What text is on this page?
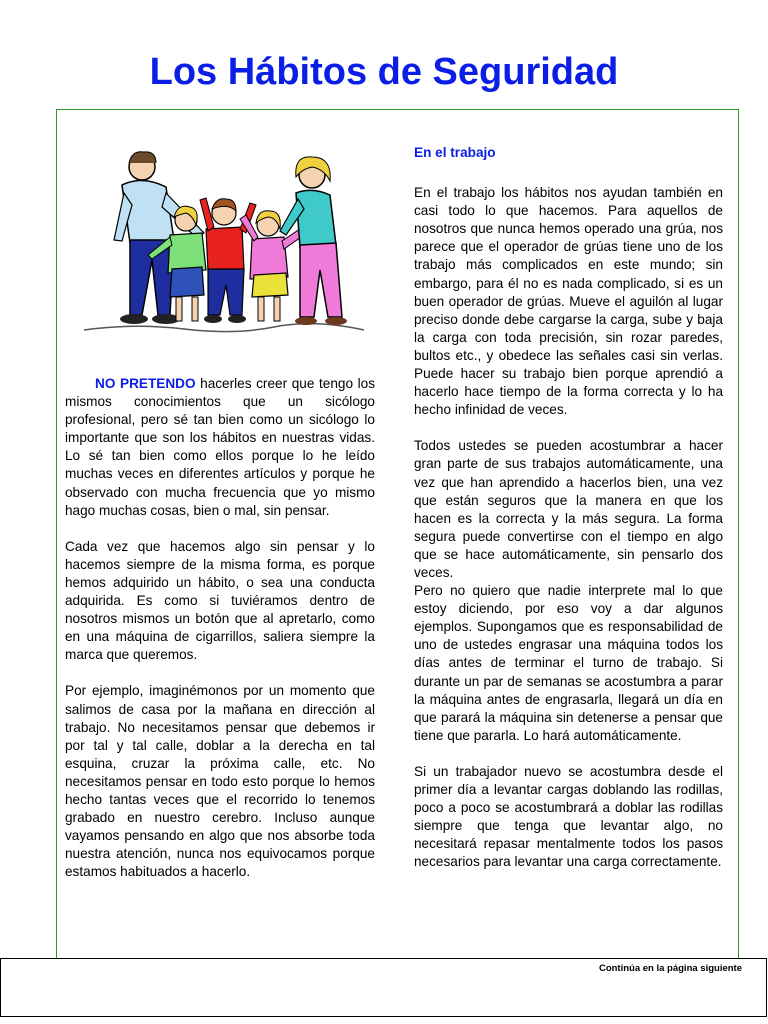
Los Hábitos de Seguridad

NO PRETENDO hacerles creer que tengo los mismos conocimientos que un sicólogo profesional, pero sé tan bien como un sicólogo lo importante que son los hábitos en nuestras vidas. Lo sé tan bien como ellos porque lo he leído muchas veces en diferentes artículos y porque he observado con mucha frecuencia que yo mismo hago muchas cosas, bien o mal, sin pensar.

Cada vez que hacemos algo sin pensar y lo hacemos siempre de la misma forma, es porque hemos adquirido un hábito, o sea una conducta adquirida. Es como si tuviéramos dentro de nosotros mismos un botón que al apretarlo, como en una máquina de cigarrillos, saliera siempre la marca que queremos.

Por ejemplo, imaginémonos por un momento que salimos de casa por la mañana en dirección al trabajo. No necesitamos pensar que debemos ir por tal y tal calle, doblar a la derecha en tal esquina, cruzar la próxima calle, etc. No necesitamos pensar en todo esto porque lo hemos hecho tantas veces que el recorrido lo tenemos grabado en nuestro cerebro. Incluso aunque vayamos pensando en algo que nos absorbe toda nuestra atención, nunca nos equivocamos porque estamos habituados a hacerlo.

En el trabajo

En el trabajo los hábitos nos ayudan también en casi todo lo que hacemos. Para aquellos de nosotros que nunca hemos operado una grúa, nos parece que el operador de grúas tiene uno de los trabajo más complicados en este mundo; sin embargo, para él no es nada complicado, si es un buen operador de grúas. Mueve el aguilón al lugar preciso donde debe cargarse la carga, sube y baja la carga con toda precisión, sin rozar paredes, bultos etc., y obedece las señales casi sin verlas. Puede hacer su trabajo bien porque aprendió a hacerlo hace tiempo de la forma correcta y lo ha hecho infinidad de veces.

Todos ustedes se pueden acostumbrar a hacer gran parte de sus trabajos automáticamente, una vez que han aprendido a hacerlos bien, una vez que están seguros que la manera en que los hacen es la correcta y la más segura. La forma segura puede convertirse con el tiempo en algo que se hace automáticamente, sin pensarlo dos veces.

Pero no quiero que nadie interprete mal lo que estoy diciendo, por eso voy a dar algunos ejemplos. Supongamos que es responsabilidad de uno de ustedes engrasar una máquina todos los días antes de terminar el turno de trabajo. Si durante un par de semanas se acostumbra a parar la máquina antes de engrasarla, llegará un día en que parará la máquina sin detenerse a pensar que tiene que pararla. Lo hará automáticamente.

Si un trabajador nuevo se acostumbra desde el primer día a levantar cargas doblando las rodillas, poco a poco se acostumbrará a doblar las rodillas siempre que tenga que levantar algo, no necesitará repasar mentalmente todos los pasos necesarios para levantar una carga correctamente.

Continúa en la página siguiente
